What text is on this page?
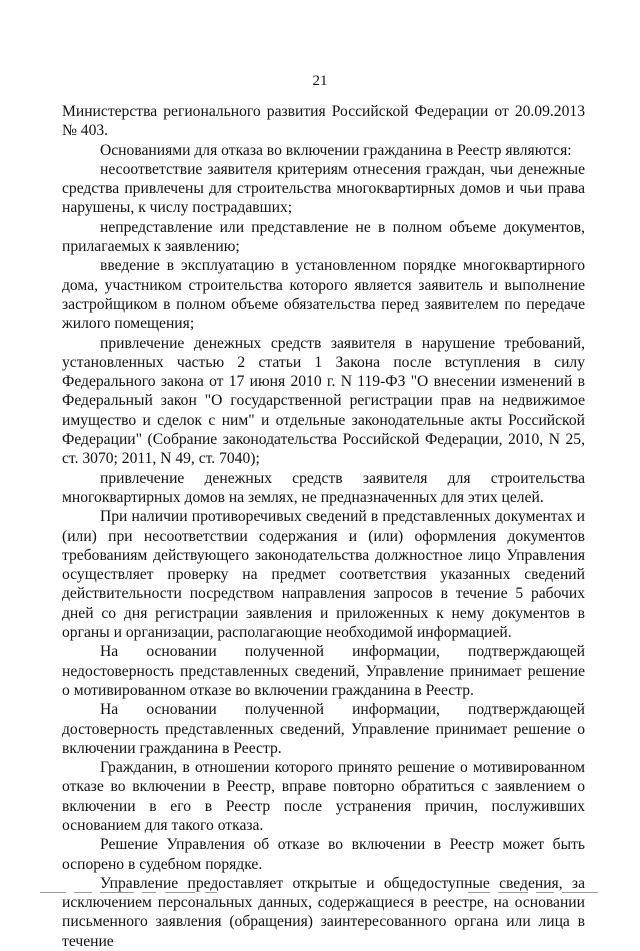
21

Министерства регионального развития Российской Федерации от 20.09.2013 № 403.

Основаниями для отказа во включении гражданина в Реестр являются:

несоответствие заявителя критериям отнесения граждан, чьи денежные средства привлечены для строительства многоквартирных домов и чьи права нарушены, к числу пострадавших;

непредставление или представление не в полном объеме документов, прилагаемых к заявлению;

введение в эксплуатацию в установленном порядке многоквартирного дома, участником строительства которого является заявитель и выполнение застройщиком в полном объеме обязательства перед заявителем по передаче жилого помещения;

привлечение денежных средств заявителя в нарушение требований, установленных частью 2 статьи 1 Закона после вступления в силу Федерального закона от 17 июня 2010 г. N 119-ФЗ "О внесении изменений в Федеральный закон "О государственной регистрации прав на недвижимое имущество и сделок с ним" и отдельные законодательные акты Российской Федерации" (Собрание законодательства Российской Федерации, 2010, N 25, ст. 3070; 2011, N 49, ст. 7040);

привлечение денежных средств заявителя для строительства многоквартирных домов на землях, не предназначенных для этих целей.

При наличии противоречивых сведений в представленных документах и (или) при несоответствии содержания и (или) оформления документов требованиям действующего законодательства должностное лицо Управления осуществляет проверку на предмет соответствия указанных сведений действительности посредством направления запросов в течение 5 рабочих дней со дня регистрации заявления и приложенных к нему документов в органы и организации, располагающие необходимой информацией.

На основании полученной информации, подтверждающей недостоверность представленных сведений, Управление принимает решение о мотивированном отказе во включении гражданина в Реестр.

На основании полученной информации, подтверждающей достоверность представленных сведений, Управление принимает решение о включении гражданина в Реестр.

Гражданин, в отношении которого принято решение о мотивированном отказе во включении в Реестр, вправе повторно обратиться с заявлением о включении в его в Реестр после устранения причин, послуживших основанием для такого отказа.

Решение Управления об отказе во включении в Реестр может быть оспорено в судебном порядке.

Управление предоставляет открытые и общедоступные сведения, за исключением персональных данных, содержащиеся в реестре, на основании письменного заявления (обращения) заинтересованного органа или лица в течение
